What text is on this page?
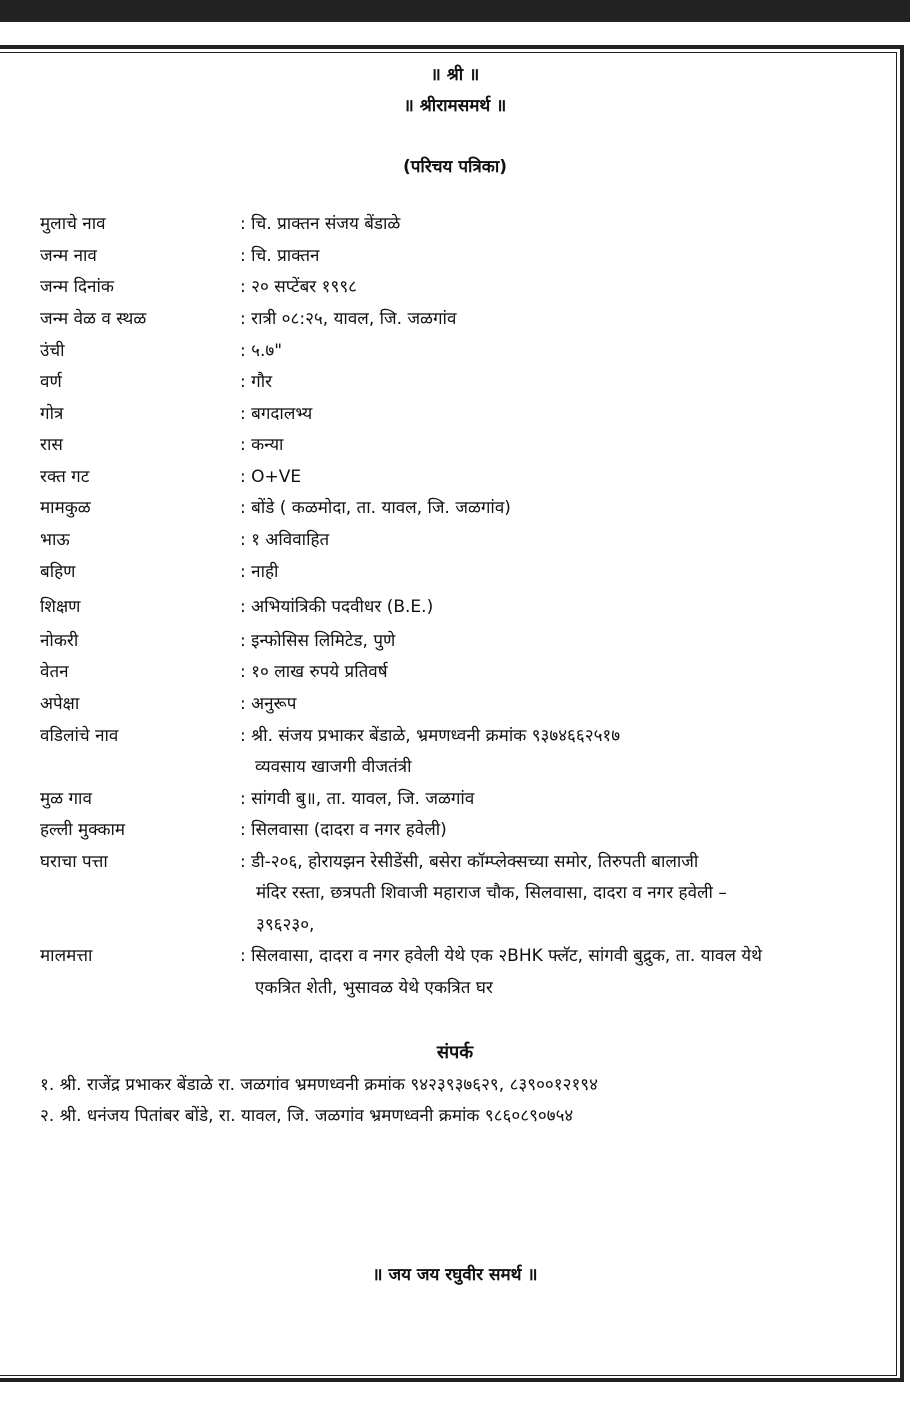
॥ श्री ॥
॥ श्रीरामसमर्थ ॥
(परिचय पत्रिका)
मुलाचे नाव	: चि. प्राक्तन संजय बेंडाळे
जन्म नाव	: चि. प्राक्तन
जन्म दिनांक	: २० सप्टेंबर १९९८
जन्म वेळ व स्थळ	: रात्री ०८:२५, यावल, जि. जळगांव
उंची	: ५.७"
वर्ण	: गौर
गोत्र	: बगदालभ्य
रास	: कन्या
रक्त गट	: O+VE
मामकुळ	: बोंडे ( कळमोदा, ता. यावल, जि. जळगांव)
भाऊ	: १ अविवाहित
बहिण	: नाही
शिक्षण	: अभियांत्रिकी पदवीधर (B.E.)
नोकरी	: इन्फोसिस लिमिटेड, पुणे
वेतन	: १० लाख रुपये प्रतिवर्ष
अपेक्षा	: अनुरूप
वडिलांचे नाव	: श्री. संजय प्रभाकर बेंडाळे, भ्रमणध्वनी क्रमांक ९३७४६६२५१७
व्यवसाय खाजगी वीजतंत्री
मुळ गाव	: सांगवी बु॥, ता. यावल, जि. जळगांव
हल्ली मुक्काम	: सिलवासा (दादरा व नगर हवेली)
घराचा पत्ता	: डी-२०६, होरायझन रेसीडेंसी, बसेरा कॉम्प्लेक्सच्या समोर, तिरुपती बालाजी
मंदिर रस्ता, छत्रपती शिवाजी महाराज चौक, सिलवासा, दादरा व नगर हवेली –
३९६२३०,
मालमत्ता	: सिलवासा, दादरा व नगर हवेली येथे एक २BHK फ्लॅट, सांगवी बुद्रुक, ता. यावल येथे
एकत्रित शेती, भुसावळ येथे एकत्रित घर
संपर्क
१. श्री. राजेंद्र प्रभाकर बेंडाळे रा. जळगांव भ्रमणध्वनी क्रमांक ९४२३९३७६२९, ८३९००१२१९४
२. श्री. धनंजय पितांबर बोंडे, रा. यावल, जि. जळगांव भ्रमणध्वनी क्रमांक ९८६०८९०७५४
॥ जय जय रघुवीर समर्थ ॥
